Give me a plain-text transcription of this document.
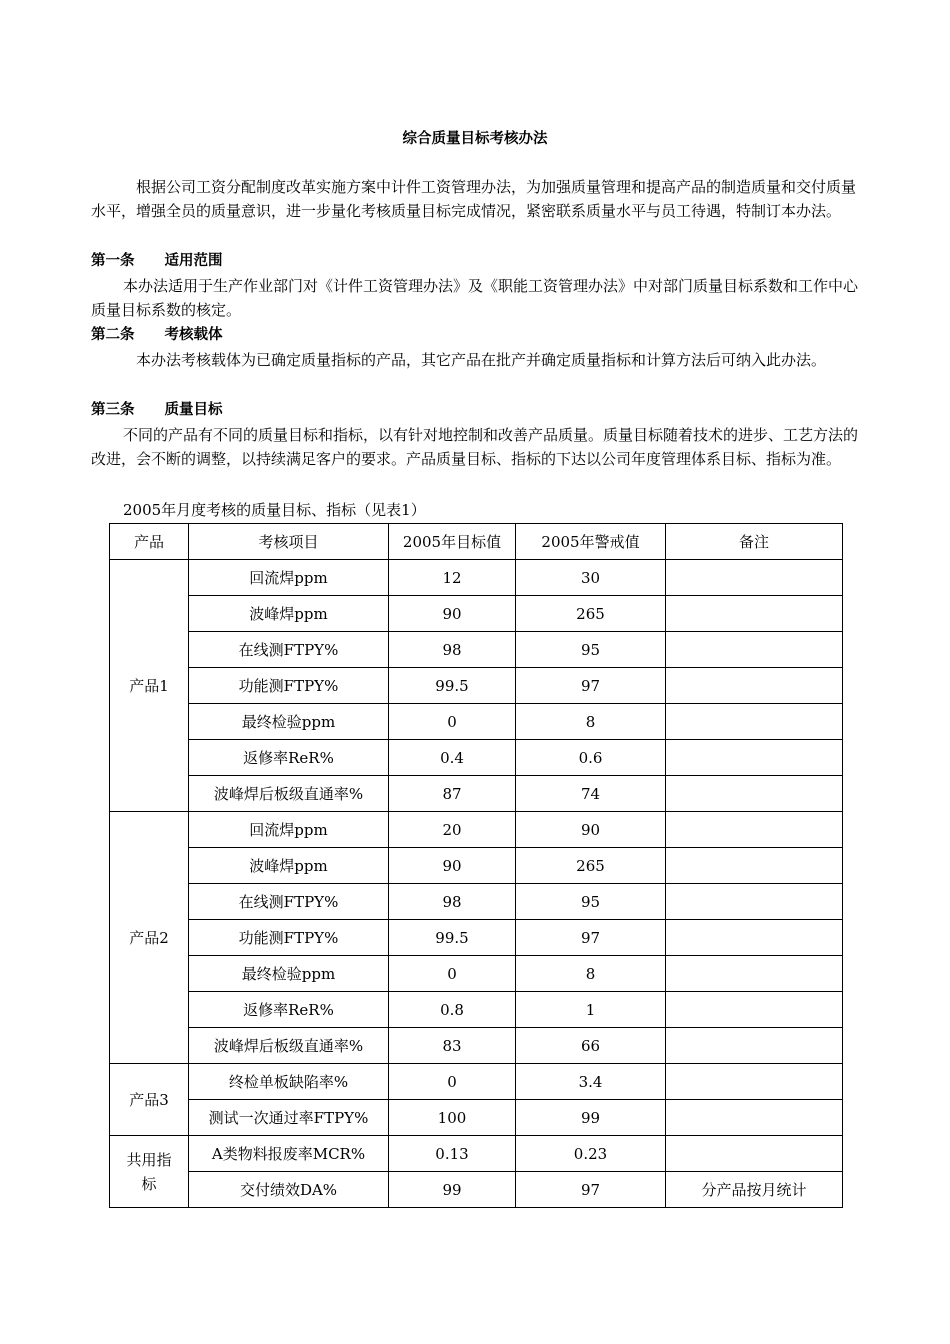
综合质量目标考核办法
根据公司工资分配制度改革实施方案中计件工资管理办法，为加强质量管理和提高产品的制造质量和交付质量水平，增强全员的质量意识，进一步量化考核质量目标完成情况，紧密联系质量水平与员工待遇，特制订本办法。
第一条 适用范围
本办法适用于生产作业部门对《计件工资管理办法》及《职能工资管理办法》中对部门质量目标系数和工作中心质量目标系数的核定。
第二条 考核载体
本办法考核载体为已确定质量指标的产品，其它产品在批产并确定质量指标和计算方法后可纳入此办法。
第三条 质量目标
不同的产品有不同的质量目标和指标，以有针对地控制和改善产品质量。质量目标随着技术的进步、工艺方法的改进，会不断的调整，以持续满足客户的要求。产品质量目标、指标的下达以公司年度管理体系目标、指标为准。
2005年月度考核的质量目标、指标（见表1）
产品	考核项目	2005年目标值	2005年警戒值	备注
产品1	回流焊ppm	12	30	
	波峰焊ppm	90	265	
	在线测FTPY%	98	95	
	功能测FTPY%	99.5	97	
	最终检验ppm	0	8	
	返修率ReR%	0.4	0.6	
	波峰焊后板级直通率%	87	74	
产品2	回流焊ppm	20	90	
	波峰焊ppm	90	265	
	在线测FTPY%	98	95	
	功能测FTPY%	99.5	97	
	最终检验ppm	0	8	
	返修率ReR%	0.8	1	
	波峰焊后板级直通率%	83	66	
产品3	终检单板缺陷率%	0	3.4	
	测试一次通过率FTPY%	100	99	
共用指标	A类物料报废率MCR%	0.13	0.23	
	交付绩效DA%	99	97	分产品按月统计
